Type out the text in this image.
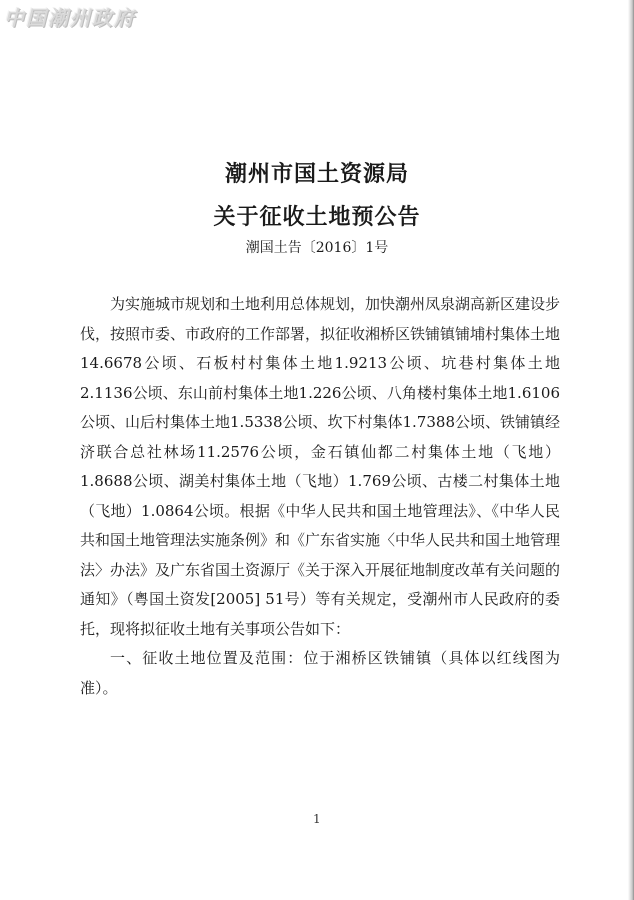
中国潮州政府
潮州市国土资源局
关于征收土地预公告
潮国土告〔2016〕1号

为实施城市规划和土地利用总体规划，加快潮州凤泉湖高新区建设步伐，按照市委、市政府的工作部署，拟征收湘桥区铁铺镇铺埔村集体土地14.6678公顷、石板村村集体土地1.9213公顷、坑巷村集体土地2.1136公顷、东山前村集体土地1.226公顷、八角楼村集体土地1.6106公顷、山后村集体土地1.5338公顷、坎下村集体1.7388公顷、铁铺镇经济联合总社林场11.2576公顷，金石镇仙都二村集体土地（飞地）1.8688公顷、湖美村集体土地（飞地）1.769公顷、古楼二村集体土地（飞地）1.0864公顷。根据《中华人民共和国土地管理法》、《中华人民共和国土地管理法实施条例》和《广东省实施〈中华人民共和国土地管理法〉办法》及广东省国土资源厅《关于深入开展征地制度改革有关问题的通知》（粤国土资发[2005] 51号）等有关规定，受潮州市人民政府的委托，现将拟征收土地有关事项公告如下：

一、征收土地位置及范围：位于湘桥区铁铺镇（具体以红线图为准）。

1
